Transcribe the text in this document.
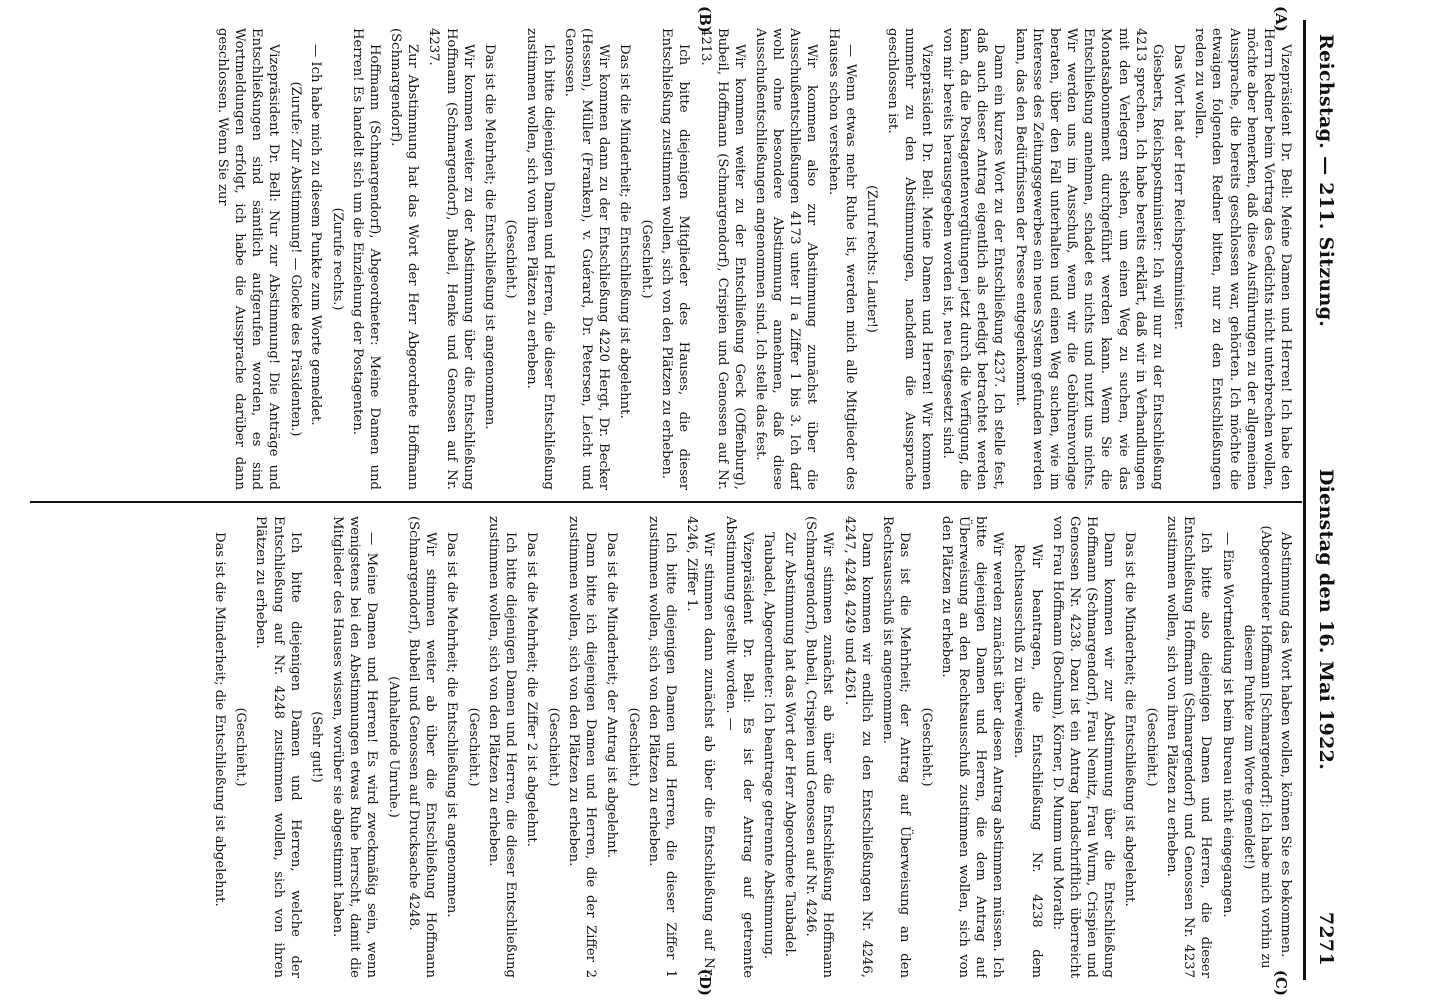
Reichstag. — 211. Sitzung.
Dienstag den 16. Mai 1922.
7271
(A)
(B)
(C)
(D)

Vizepräsident Dr. Bell: Meine Damen und Herren! Ich habe den Herrn Redner beim Vortrag des Gedichts nicht unterbrechen wollen, möchte aber bemerken, daß diese Ausführungen zu der allgemeinen Aussprache, die bereits geschlossen war, gehörten. Ich möchte die etwaigen folgenden Redner bitten, nur zu den Entschließungen reden zu wollen.

Das Wort hat der Herr Reichspostminister.

Giesberts, Reichspostminister: Ich will nur zu der Entschließung 4213 sprechen. Ich habe bereits erklärt, daß wir in Verhandlungen mit den Verlegern stehen, um einen Weg zu suchen, wie das Monatsabonnement durchgeführt werden kann. Wenn Sie die Entschließung annehmen, schadet es nichts und nutzt uns nichts. Wir werden uns im Ausschuß, wenn wir die Gebührenvorlage beraten, über den Fall unterhalten und einen Weg suchen, wie im Interesse des Zeitungsgewerbes ein neues System gefunden werden kann, das den Bedürfnissen der Presse entgegenkommt.

Dann ein kurzes Wort zu der Entschließung 4237. Ich stelle fest, daß auch dieser Antrag eigentlich als erledigt betrachtet werden kann, da die Postagentenvergütungen jetzt durch die Verfügung, die von mir bereits herausgegeben worden ist, neu festgesetzt sind.

Vizepräsident Dr. Bell: Meine Damen und Herren! Wir kommen nunmehr zu den Abstimmungen, nachdem die Aussprache geschlossen ist.

(Zuruf rechts: Lauter!)

— Wenn etwas mehr Ruhe ist, werden mich alle Mitglieder des Hauses schon verstehen.

Wir kommen also zur Abstimmung zunächst über die Ausschußentschließungen 4173 unter II a Ziffer 1 bis 3. Ich darf wohl ohne besondere Abstimmung annehmen, daß diese Ausschußentschließungen angenommen sind. Ich stelle das fest.

Wir kommen weiter zu der Entschließung Geck (Offenburg), Bubeil, Hoffmann (Schmargendorf), Crispien und Genossen auf Nr. 4213.

Ich bitte diejenigen Mitglieder des Hauses, die dieser Entschließung zustimmen wollen, sich von den Plätzen zu erheben.

(Geschieht.)

Das ist die Minderheit; die Entschließung ist abgelehnt.

Wir kommen dann zu der Entschließung 4220 Hergt, Dr. Becker (Hessen), Müller (Franken), v. Guérard, Dr. Petersen, Leicht und Genossen.

Ich bitte diejenigen Damen und Herren, die dieser Entschließung zustimmen wollen, sich von ihren Plätzen zu erheben.

(Geschieht.)

Das ist die Mehrheit; die Entschließung ist angenommen.

Wir kommen weiter zu der Abstimmung über die Entschließung Hoffmann (Schmargendorf), Bubeil, Henke und Genossen auf Nr. 4237.

Zur Abstimmung hat das Wort der Herr Abgeordnete Hoffmann (Schmargendorf).

Hoffmann (Schmargendorf), Abgeordneter: Meine Damen und Herren! Es handelt sich um die Einziehung der Postagenten.

(Zurufe rechts.)

— Ich habe mich zu diesem Punkte zum Worte gemeldet.

(Zurufe: Zur Abstimmung! — Glocke des Präsidenten.)

Vizepräsident Dr. Bell: Nur zur Abstimmung! Die Anträge und Entschließungen sind sämtlich aufgerufen worden, es sind Wortmeldungen erfolgt, ich habe die Aussprache darüber dann geschlossen. Wenn Sie zur

Abstimmung das Wort haben wollen, können Sie es bekommen.

(Abgeordneter Hoffmann [Schmargendorf]: Ich habe mich vorhin zu diesem Punkte zum Worte gemeldet!)

— Eine Wortmeldung ist beim Bureau nicht eingegangen.

Ich bitte also diejenigen Damen und Herren, die dieser Entschließung Hoffmann (Schmargendorf) und Genossen Nr. 4237 zustimmen wollen, sich von ihren Plätzen zu erheben.

(Geschieht.)

Das ist die Minderheit; die Entschließung ist abgelehnt.

Dann kommen wir zur Abstimmung über die Entschließung Hoffmann (Schmargendorf), Frau Nemitz, Frau Wurm, Crispien und Genossen Nr. 4238. Dazu ist ein Antrag handschriftlich überreicht von Frau Hoffmann (Bochum), Körner, D. Mumm und Morath:

Wir beantragen, die Entschließung Nr. 4238 dem Rechtsausschuß zu überweisen.

Wir werden zunächst über diesen Antrag abstimmen müssen. Ich bitte diejenigen Damen und Herren, die dem Antrag auf Überweisung an den Rechtsausschuß zustimmen wollen, sich von den Plätzen zu erheben.

(Geschieht.)

Das ist die Mehrheit; der Antrag auf Überweisung an den Rechtsausschuß ist angenommen.

Dann kommen wir endlich zu den Entschließungen Nr. 4246, 4247, 4248, 4249 und 4261.

Wir stimmen zunächst ab über die Entschließung Hoffmann (Schmargendorf), Bubeil, Crispien und Genossen auf Nr. 4246.

Zur Abstimmung hat das Wort der Herr Abgeordnete Taubadel.

Taubadel, Abgeordneter: Ich beantrage getrennte Abstimmung.

Vizepräsident Dr. Bell: Es ist der Antrag auf getrennte Abstimmung gestellt worden. —

Wir stimmen dann zunächst ab über die Entschließung auf Nr. 4246, Ziffer 1.

Ich bitte diejenigen Damen und Herren, die dieser Ziffer 1 zustimmen wollen, sich von den Plätzen zu erheben.

(Geschieht.)

Das ist die Minderheit; der Antrag ist abgelehnt.

Dann bitte ich diejenigen Damen und Herren, die der Ziffer 2 zustimmen wollen, sich von den Plätzen zu erheben.

(Geschieht.)

Das ist die Mehrheit; die Ziffer 2 ist abgelehnt.

Ich bitte diejenigen Damen und Herren, die dieser Entschließung zustimmen wollen, sich von den Plätzen zu erheben.

(Geschieht.)

Das ist die Mehrheit; die Entschließung ist angenommen.

Wir stimmen weiter ab über die Entschließung Hoffmann (Schmargendorf), Bubeil und Genossen auf Drucksache 4248.

(Anhaltende Unruhe.)

— Meine Damen und Herren! Es wird zweckmäßig sein, wenn wenigstens bei den Abstimmungen etwas Ruhe herrscht, damit die Mitglieder des Hauses wissen, worüber sie abgestimmt haben.

(Sehr gut!)

Ich bitte diejenigen Damen und Herren, welche der Entschließung auf Nr. 4248 zustimmen wollen, sich von ihren Plätzen zu erheben.

(Geschieht.)

Das ist die Minderheit; die Entschließung ist abgelehnt.
